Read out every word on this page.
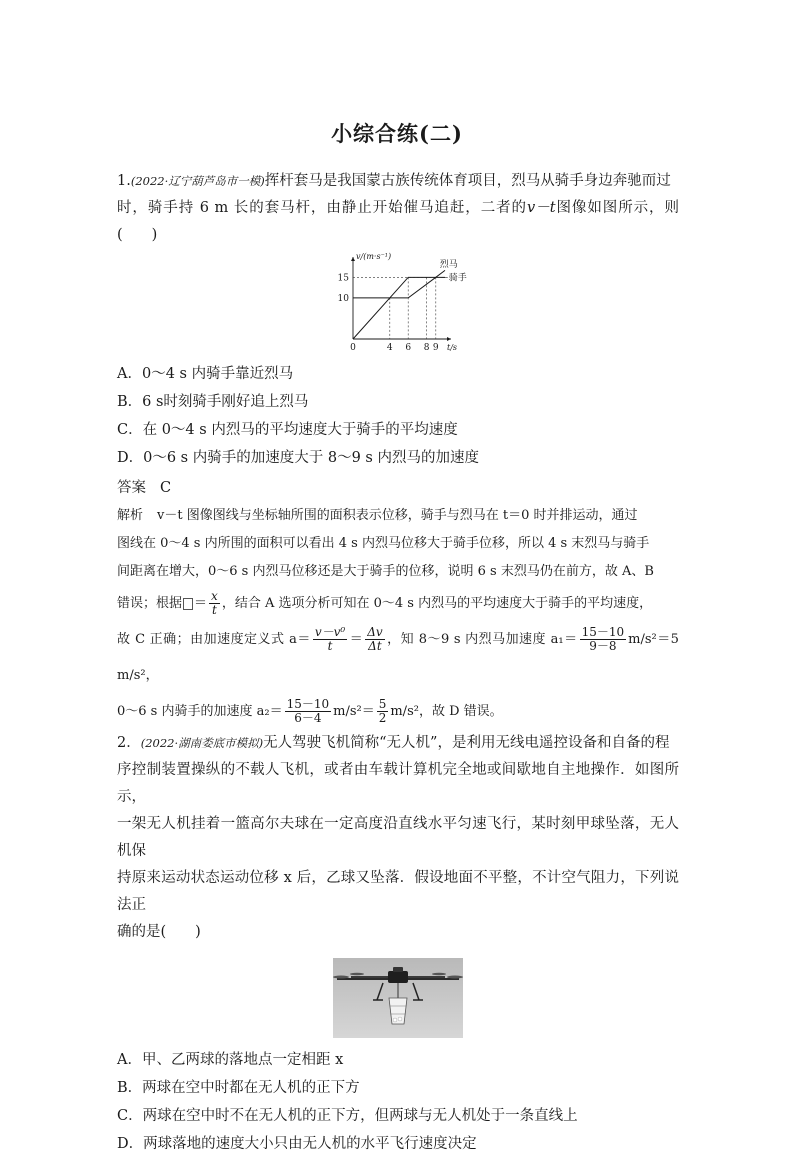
小综合练(二)

1.(2022·辽宁葫芦岛市一模)挥杆套马是我国蒙古族传统体育项目，烈马从骑手身边奔驰而过
时，骑手持 6 m 长的套马杆，由静止开始催马追赶，二者的v－t图像如图所示，则(　　)

v/(m·s⁻¹)
t/s
10
15
0	4 6 8 9
烈马
骑手

A．0～4 s 内骑手靠近烈马

B．6 s时刻骑手刚好追上烈马

C．在 0～4 s 内烈马的平均速度大于骑手的平均速度

D．0～6 s 内骑手的加速度大于 8～9 s 内烈马的加速度

答案 C

解析 v－t 图像图线与坐标轴所围的面积表示位移，骑手与烈马在 t＝0 时并排运动，通过
图线在 0～4 s 内所围的面积可以看出 4 s 内烈马位移大于骑手位移，所以 4 s 末烈马与骑手
间距离在增大，0～6 s 内烈马位移还是大于骑手的位移，说明 6 s 末烈马仍在前方，故 A、B

错误；根据 ＝ $\frac{x}{t}$ ，结合 A 选项分析可知在 0～4 s 内烈马的平均速度大于骑手的平均速度，
故 C 正确；由加速度定义式 $a= \frac{\text{v－v⁰}}{t} = \frac{\Delta v}{\Delta t}$ ，知 8～9 s 内烈马加速度 $a_1= \frac{15-10}{9-8} m/s^2=5$ m/s²，
0～6 s 内骑手的加速度 $a_2= \frac{15-10}{6-4} m/s^2= \frac{5}{2} m/s^2$，故 D 错误。

2．(2022·湖南娄底市模拟)无人驾驶飞机简称“无人机”，是利用无线电遥控设备和自备的程
序控制装置操纵的不载人飞机，或者由车载计算机完全地或间歇地自主地操作．如图所示，
一架无人机挂着一篮高尔夫球在一定高度沿直线水平匀速飞行，某时刻甲球坠落，无人机保
持原来运动状态运动位移 x 后，乙球又坠落．假设地面不平整，不计空气阻力，下列说法正
确的是(　　)

A．甲、乙两球的落地点一定相距 x

B．两球在空中时都在无人机的正下方

C．两球在空中时不在无人机的正下方，但两球与无人机处于一条直线上

D．两球落地的速度大小只由无人机的水平飞行速度决定
